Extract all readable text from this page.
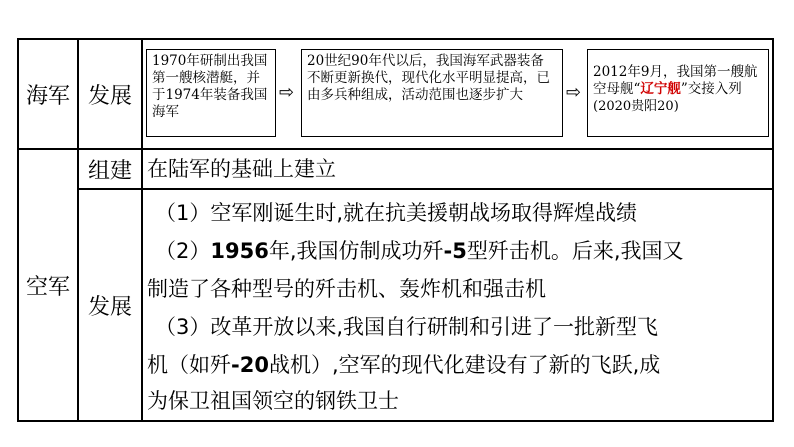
海军 发展
1970年研制出我国第一艘核潜艇，并于1974年装备我国海军
⇨
20世纪90年代以后，我国海军武器装备不断更新换代，现代化水平明显提高，已由多兵种组成，活动范围也逐步扩大	⇨
2012年9月，我国第一艘航空母舰“辽宁舰”交接入列(2020贵阳20)
空军
组建
发展
在陆军的基础上建立
（1）空军刚诞生时,就在抗美援朝战场取得辉煌战绩
（2）1956年,我国仿制成功歼-5型歼击机。后来,我国又
制造了各种型号的歼击机、轰炸机和强击机
（3）改革开放以来,我国自行研制和引进了一批新型飞
机（如歼-20战机）,空军的现代化建设有了新的飞跃,成
为保卫祖国领空的钢铁卫士
